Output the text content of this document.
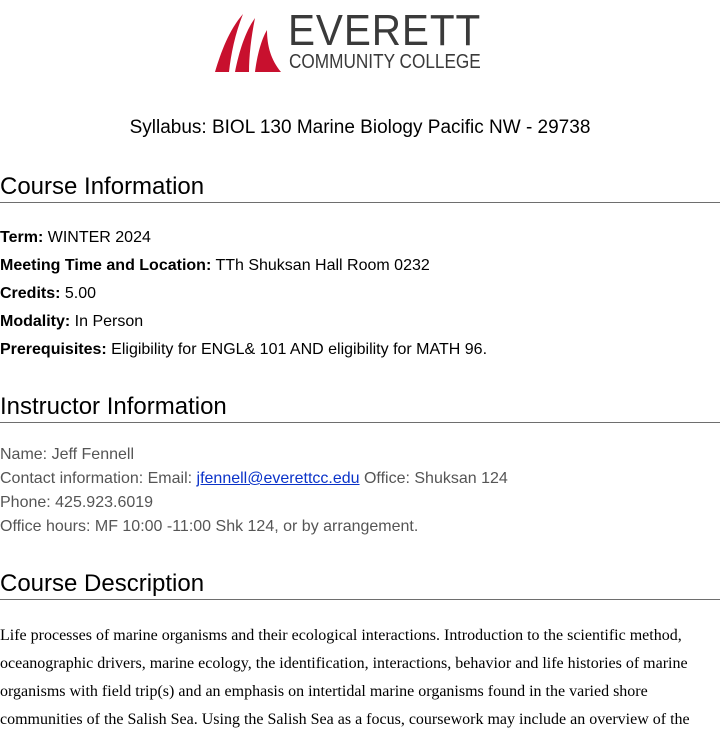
EVERETT
COMMUNITY COLLEGE
Syllabus: BIOL 130 Marine Biology Pacific NW - 29738
Course Information
Term: WINTER 2024
Meeting Time and Location: TTh Shuksan Hall Room 0232
Credits: 5.00
Modality: In Person
Prerequisites: Eligibility for ENGL& 101 AND eligibility for MATH 96.
Instructor Information
Name: Jeff Fennell
Contact information: Email: jfennell@everettcc.edu Office: Shuksan 124
Phone: 425.923.6019
Office hours: MF 10:00 -11:00 Shk 124, or by arrangement.
Course Description
Life processes of marine organisms and their ecological interactions. Introduction to the scientific method, oceanographic drivers, marine ecology, the identification, interactions, behavior and life histories of marine organisms with field trip(s) and an emphasis on intertidal marine organisms found in the varied shore communities of the Salish Sea. Using the Salish Sea as a focus, coursework may include an overview of the
